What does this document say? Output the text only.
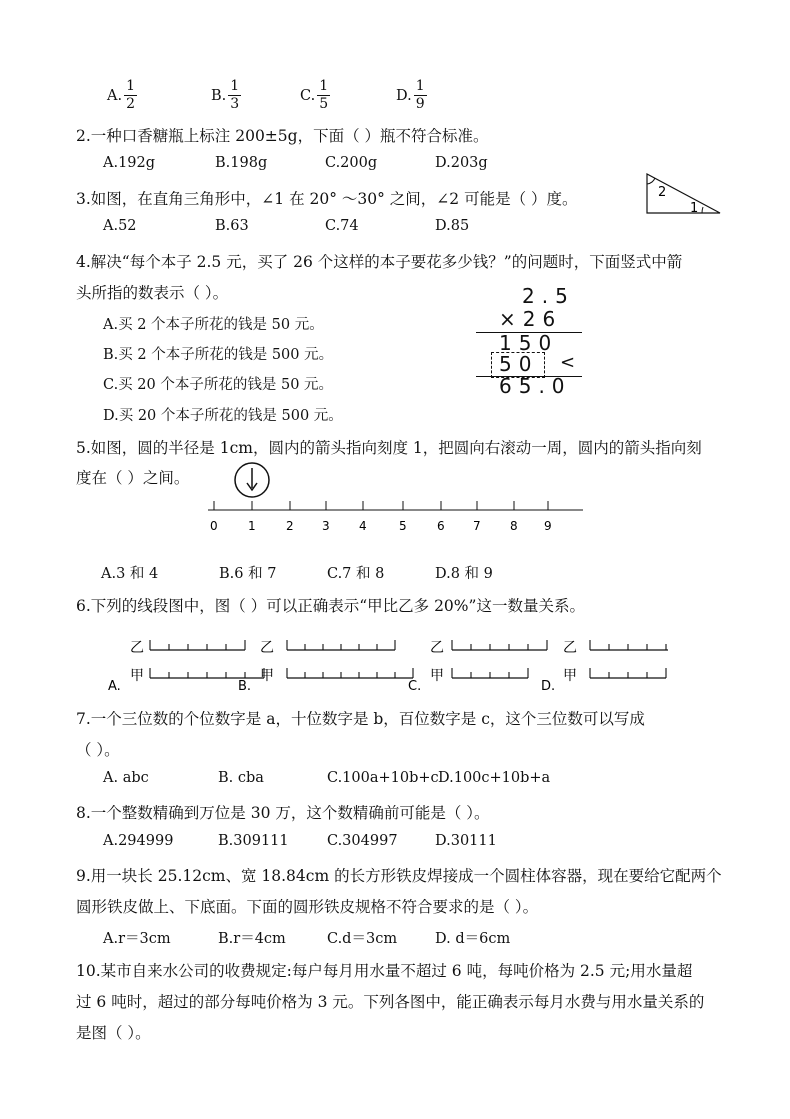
A. $\frac{1}{2}$	B. $\frac{1}{3}$	C. $\frac{1}{5}$	D. $\frac{1}{9}$
2.一种口香糖瓶上标注 200±5g，下面（ ）瓶不符合标准。
A.192g	B.198g	C.200g	D.203g
3.如图，在直角三角形中，∠1 在 20° ～30° 之间，∠2 可能是（ ）度。	2
1
A.52	B.63	C.74	D.85
4.解决“每个本子 2.5 元，买了 26 个这样的本子要花多少钱？”的问题时，下面竖式中箭
头所指的数表示（ ）。
A.买 2 个本子所花的钱是 50 元。
B.买 2 个本子所花的钱是 500 元。
C.买 20 个本子所花的钱是 50 元。
D.买 20 个本子所花的钱是 500 元。
2.5
×26
150
50 <
65.0
5.如图，圆的半径是 1cm，圆内的箭头指向刻度 1，把圆向右滚动一周，圆内的箭头指向刻
度在（ ）之间。
0	1	2 3 4	5	6 7 8 9
A.3 和 4	B.6 和 7	C.7 和 8	D.8 和 9
6.下列的线段图中，图（ ）可以正确表示“甲比乙多 20%”这一数量关系。
A.
乙
甲
B.
乙
甲
C.
乙
甲
D.
乙
甲
7.一个三位数的个位数字是 a，十位数字是 b，百位数字是 c，这个三位数可以写成
（ ）。
A. abc	B. cba	C.100a+10b+c D.100c+10b+a
8.一个整数精确到万位是 30 万，这个数精确前可能是（ ）。
A.294999	B.309111	C.304997	D.30111
9.用一块长 25.12cm、宽 18.84cm 的长方形铁皮焊接成一个圆柱体容器，现在要给它配两个
圆形铁皮做上、下底面。下面的圆形铁皮规格不符合要求的是（ ）。
A.r＝3cm	B.r＝4cm	C.d＝3cm	D. d＝6cm
10.某市自来水公司的收费规定:每户每月用水量不超过 6 吨，每吨价格为 2.5 元;用水量超
过 6 吨时，超过的部分每吨价格为 3 元。下列各图中，能正确表示每月水费与用水量关系的
是图（ ）。
